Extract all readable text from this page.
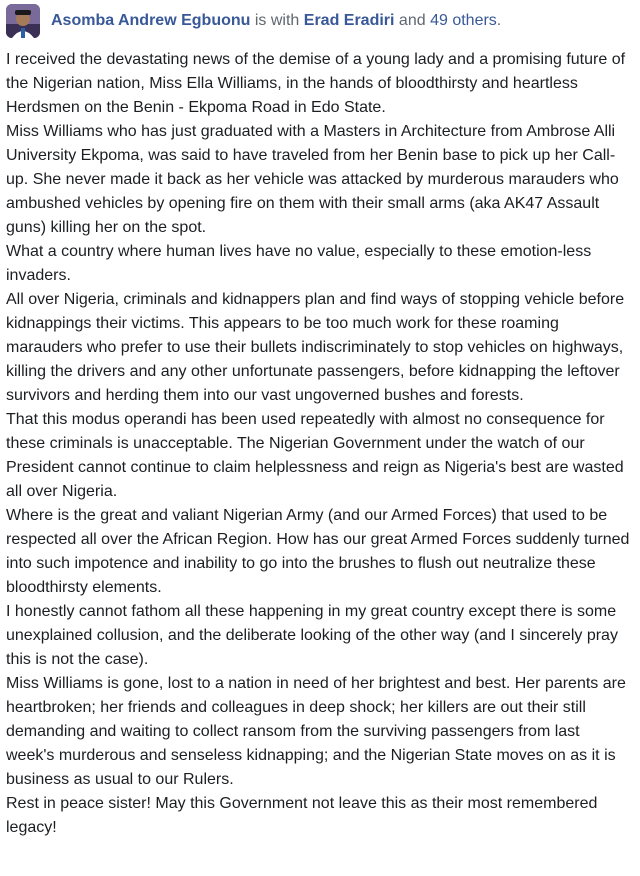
Asomba Andrew Egbuonu is with Erad Eradiri and 49 others.

I received the devastating news of the demise of a young lady and a promising future of the Nigerian nation, Miss Ella Williams, in the hands of bloodthirsty and heartless Herdsmen on the Benin - Ekpoma Road in Edo State.

Miss Williams who has just graduated with a Masters in Architecture from Ambrose Alli University Ekpoma, was said to have traveled from her Benin base to pick up her Call-up. She never made it back as her vehicle was attacked by murderous marauders who ambushed vehicles by opening fire on them with their small arms (aka AK47 Assault guns) killing her on the spot.

What a country where human lives have no value, especially to these emotion-less invaders.

All over Nigeria, criminals and kidnappers plan and find ways of stopping vehicle before kidnappings their victims. This appears to be too much work for these roaming marauders who prefer to use their bullets indiscriminately to stop vehicles on highways, killing the drivers and any other unfortunate passengers, before kidnapping the leftover survivors and herding them into our vast ungoverned bushes and forests.

That this modus operandi has been used repeatedly with almost no consequence for these criminals is unacceptable. The Nigerian Government under the watch of our President cannot continue to claim helplessness and reign as Nigeria's best are wasted all over Nigeria.

Where is the great and valiant Nigerian Army (and our Armed Forces) that used to be respected all over the African Region. How has our great Armed Forces suddenly turned into such impotence and inability to go into the brushes to flush out neutralize these bloodthirsty elements.

I honestly cannot fathom all these happening in my great country except there is some unexplained collusion, and the deliberate looking of the other way (and I sincerely pray this is not the case).

Miss Williams is gone, lost to a nation in need of her brightest and best. Her parents are heartbroken; her friends and colleagues in deep shock; her killers are out their still demanding and waiting to collect ransom from the surviving passengers from last week's murderous and senseless kidnapping; and the Nigerian State moves on as it is business as usual to our Rulers.

Rest in peace sister! May this Government not leave this as their most remembered legacy!
